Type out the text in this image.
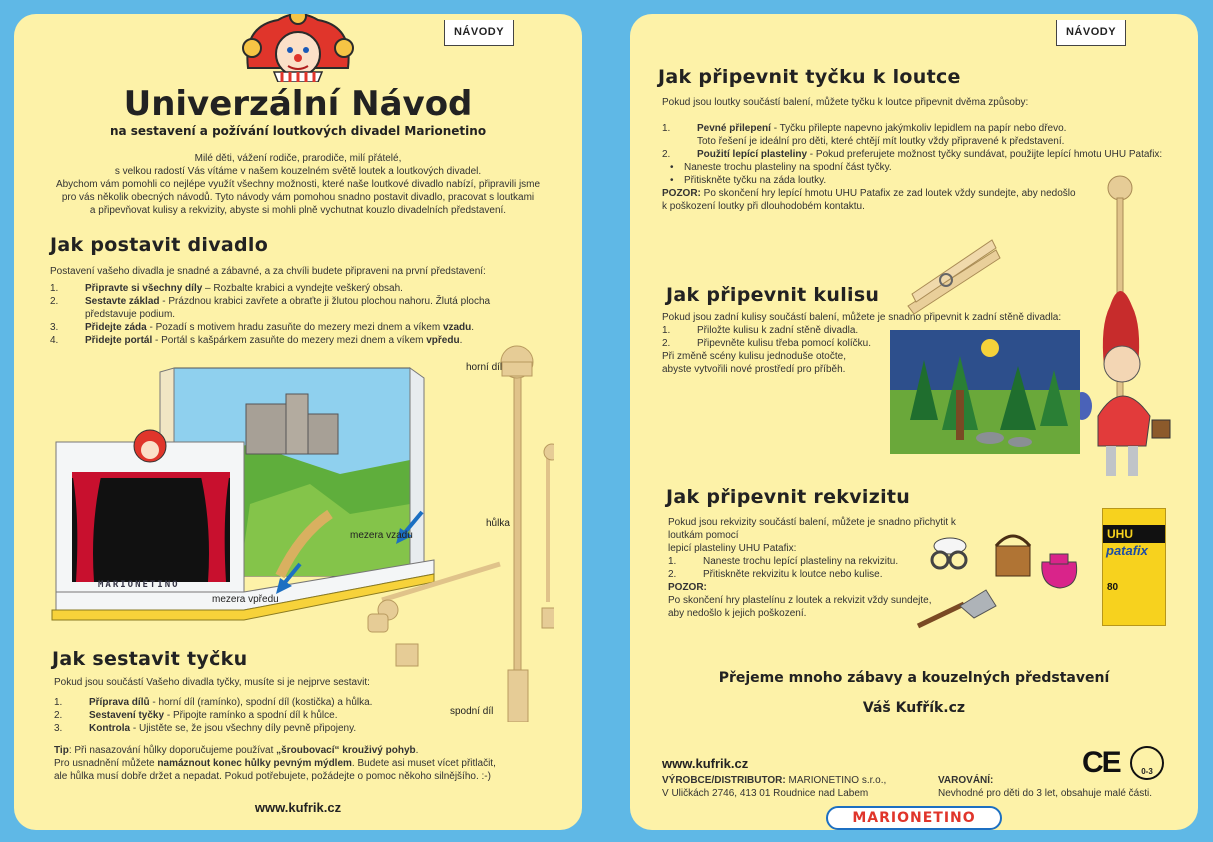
NÁVODY
Univerzální Návod
na sestavení a požívání loutkových divadel Marionetino
Milé děti, vážení rodiče, prarodiče, milí přátelé,
s velkou radostí Vás vítáme v našem kouzelném světě loutek a loutkových divadel.
Abychom vám pomohli co nejlépe využít všechny možnosti, které naše loutkové divadlo nabízí, připravili jsme
pro vás několik obecných návodů. Tyto návody vám pomohou snadno postavit divadlo, pracovat s loutkami
a připevňovat kulisy a rekvizity, abyste si mohli plně vychutnat kouzlo divadelních představení.
Jak postavit divadlo
Postavení vašeho divadla je snadné a zábavné, a za chvíli budete připraveni na první představení:
1.	Připravte si všechny díly – Rozbalte krabici a vyndejte veškerý obsah.
2.	Sestavte základ - Prázdnou krabici zavřete a obraťte ji žlutou plochou nahoru. Žlutá plocha
představuje podium.
3.	Přidejte záda - Pozadí s motivem hradu zasuňte do mezery mezi dnem a víkem vzadu.
4.	Přidejte portál - Portál s kašpárkem zasuňte do mezery mezi dnem a víkem vpředu.
MARIONETINO
mezera vzadu
mezera vpředu
horní díl
hůlka
spodní díl
Jak sestavit tyčku
Pokud jsou součástí Vašeho divadla tyčky, musíte si je nejprve sestavit:
1.	Příprava dílů - horní díl (ramínko), spodní díl (kostička) a hůlka.
2.	Sestavení tyčky - Připojte ramínko a spodní díl k hůlce.
3.	Kontrola - Ujistěte se, že jsou všechny díly pevně připojeny.
Tip: Při nasazování hůlky doporučujeme používat „šroubovací“ krouživý pohyb.
Pro usnadnění můžete namáznout konec hůlky pevným mýdlem. Budete asi muset vícet přitlačit,
ale hůlka musí dobře držet a nepadat. Pokud potřebujete, požádejte o pomoc někoho silnějšího. :-)
www.kufrik.cz
NÁVODY
Jak připevnit tyčku k loutce
Pokud jsou loutky součástí balení, můžete tyčku k loutce připevnit dvěma způsoby:
1.	Pevné přilepení - Tyčku přilepte napevno jakýmkoliv lepidlem na papír nebo dřevo.
Toto řešení je ideální pro děti, které chtějí mít loutky vždy připravené k představení.
2.	Použití lepící plasteliny - Pokud preferujete možnost tyčky sundávat, použijte lepící hmotu UHU Patafix:
•	Naneste trochu plasteliny na spodní část tyčky.
•	Přitiskněte tyčku na záda loutky.
POZOR: Po skončení hry lepící hmotu UHU Patafix ze zad loutek vždy sundejte, aby nedošlo
k poškození loutky při dlouhodobém kontaktu.
Jak připevnit kulisu
Pokud jsou zadní kulisy součástí balení, můžete je snadno připevnit k zadní stěně divadla:
1.	Přiložte kulisu k zadní stěně divadla.
2.	Připevněte kulisu třeba pomocí kolíčku.
Při změně scény kulisu jednoduše otočte,
abyste vytvořili nové prostředí pro příběh.
Jak připevnit rekvizitu
Pokud jsou rekvizity součástí balení, můžete je snadno přichytit k loutkám pomocí
lepicí plasteliny UHU Patafix:
1.	Naneste trochu lepící plasteliny na rekvizitu.
2.	Přitiskněte rekvizitu k loutce nebo kulise.
POZOR:
Po skončení hry plastelínu z loutek a rekvizit vždy sundejte,
aby nedošlo k jejich poškození.
UHU
patafix
80
Přejeme mnoho zábavy a kouzelných představení
Váš Kufřík.cz
www.kufrik.cz
VÝROBCE/DISTRIBUTOR: MARIONETINO s.r.o.,
V Uličkách 2746, 413 01 Roudnice nad Labem
VAROVÁNÍ:
Nevhodné pro děti do 3 let, obsahuje malé části.
CE	0-3
MARIONETINO
